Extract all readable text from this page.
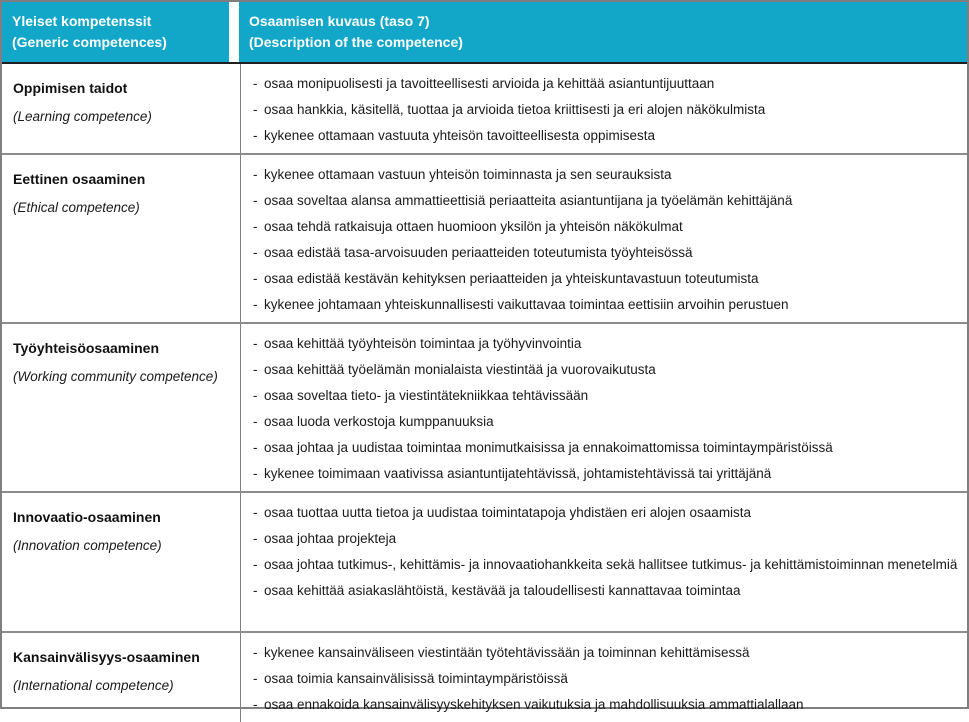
Yleiset kompetenssit
(Generic competences)
Osaamisen kuvaus (taso 7)
(Description of the competence)
Oppimisen taidot
(Learning competence)
- osaa monipuolisesti ja tavoitteellisesti arvioida ja kehittää asiantuntijuuttaan
- osaa hankkia, käsitellä, tuottaa ja arvioida tietoa kriittisesti ja eri alojen näkökulmista
- kykenee ottamaan vastuuta yhteisön tavoitteellisesta oppimisesta
Eettinen osaaminen
(Ethical competence)
- kykenee ottamaan vastuun yhteisön toiminnasta ja sen seurauksista
- osaa soveltaa alansa ammattieettisiä periaatteita asiantuntijana ja työelämän kehittäjänä
- osaa tehdä ratkaisuja ottaen huomioon yksilön ja yhteisön näkökulmat
- osaa edistää tasa-arvoisuuden periaatteiden toteutumista työyhteisössä
- osaa edistää kestävän kehityksen periaatteiden ja yhteiskuntavastuun toteutumista
- kykenee johtamaan yhteiskunnallisesti vaikuttavaa toimintaa eettisiin arvoihin perustuen
Työyhteisöosaaminen
(Working community competence)
- osaa kehittää työyhteisön toimintaa ja työhyvinvointia
- osaa kehittää työelämän monialaista viestintää ja vuorovaikutusta
- osaa soveltaa tieto- ja viestintätekniikkaa tehtävissään
- osaa luoda verkostoja kumppanuuksia
- osaa johtaa ja uudistaa toimintaa monimutkaisissa ja ennakoimattomissa toimintaympäristöissä
- kykenee toimimaan vaativissa asiantuntijatehtävissä, johtamistehtävissä tai yrittäjänä
Innovaatio-osaaminen
(Innovation competence)
- osaa tuottaa uutta tietoa ja uudistaa toimintatapoja yhdistäen eri alojen osaamista
- osaa johtaa projekteja
- osaa johtaa tutkimus-, kehittämis- ja innovaatiohankkeita sekä hallitsee tutkimus- ja kehittämistoiminnan menetelmiä
- osaa kehittää asiakaslähtöistä, kestävää ja taloudellisesti kannattavaa toimintaa
Kansainvälisyys-osaaminen
(International competence)
- kykenee kansainväliseen viestintään työtehtävissään ja toiminnan kehittämisessä
- osaa toimia kansainvälisissä toimintaympäristöissä
- osaa ennakoida kansainvälisyyskehityksen vaikutuksia ja mahdollisuuksia ammattialallaan
